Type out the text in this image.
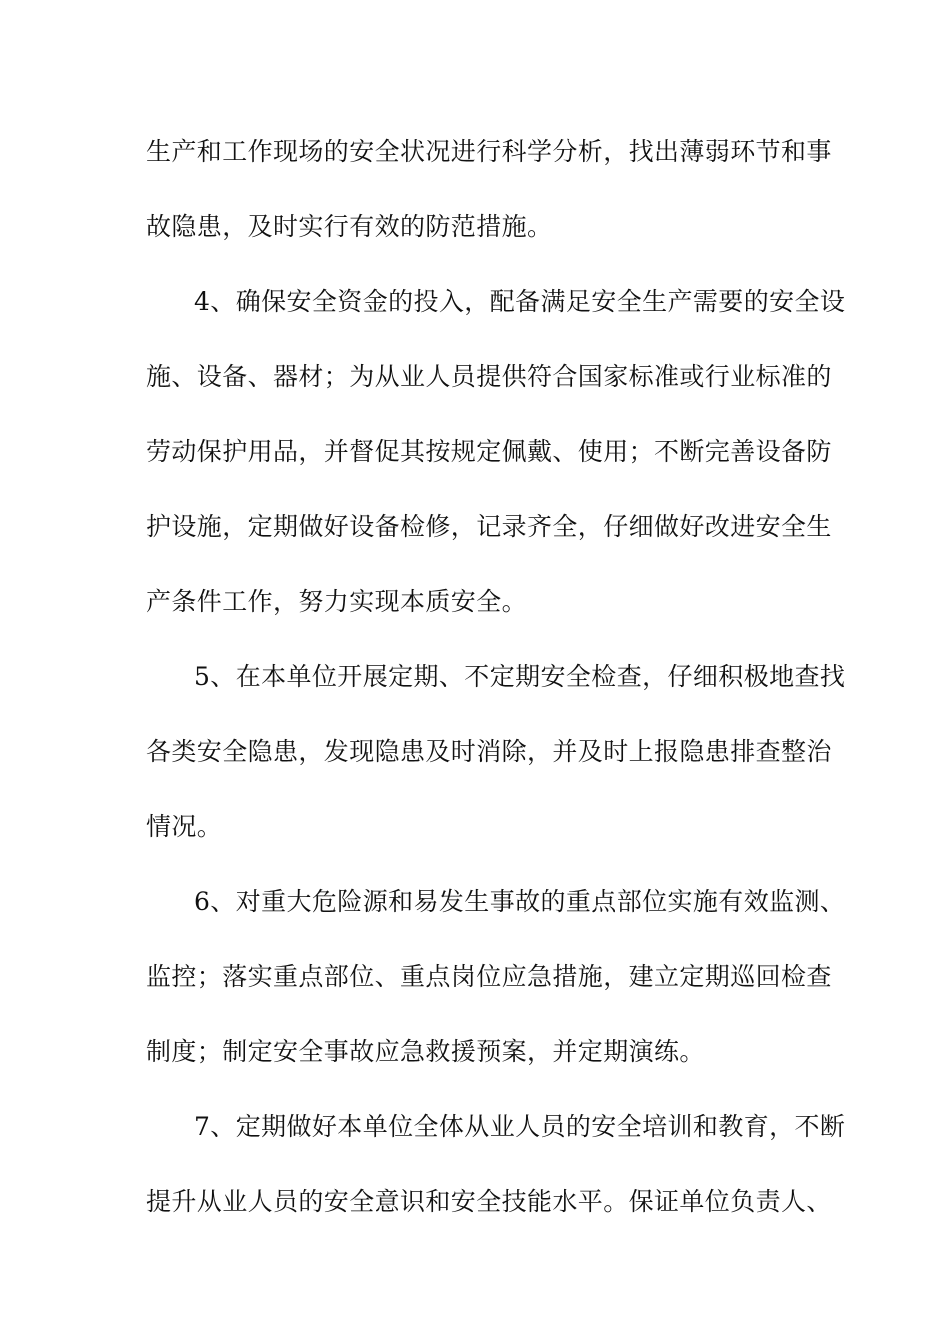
生产和工作现场的安全状况进行科学分析，找出薄弱环节和事
故隐患，及时实行有效的防范措施。
4、确保安全资金的投入，配备满足安全生产需要的安全设
施、设备、器材；为从业人员提供符合国家标准或行业标准的
劳动保护用品，并督促其按规定佩戴、使用；不断完善设备防
护设施，定期做好设备检修，记录齐全，仔细做好改进安全生
产条件工作，努力实现本质安全。
5、在本单位开展定期、不定期安全检查，仔细积极地查找
各类安全隐患，发现隐患及时消除，并及时上报隐患排查整治
情况。
6、对重大危险源和易发生事故的重点部位实施有效监测、
监控；落实重点部位、重点岗位应急措施，建立定期巡回检查
制度；制定安全事故应急救援预案，并定期演练。
7、定期做好本单位全体从业人员的安全培训和教育，不断
提升从业人员的安全意识和安全技能水平。保证单位负责人、
